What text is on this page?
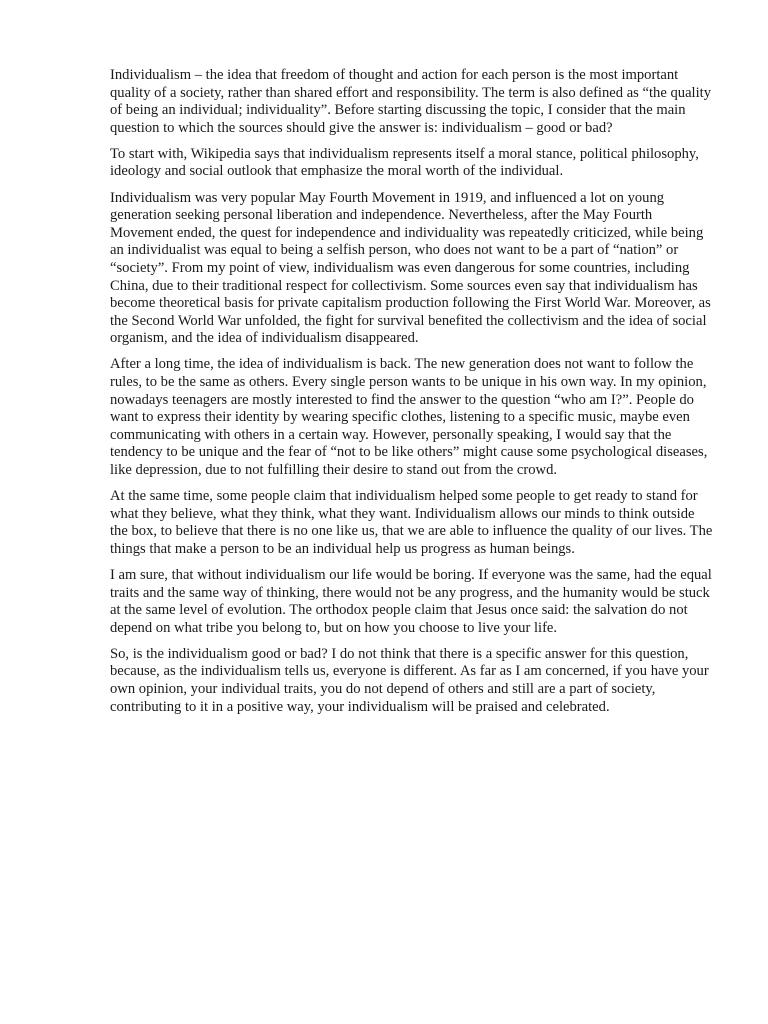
Individualism – the idea that freedom of thought and action for each person is the most important quality of a society, rather than shared effort and responsibility. The term is also defined as “the quality of being an individual; individuality”. Before starting discussing the topic, I consider that the main question to which the sources should give the answer is: individualism – good or bad?

To start with, Wikipedia says that individualism represents itself a moral stance, political philosophy, ideology and social outlook that emphasize the moral worth of the individual.

Individualism was very popular May Fourth Movement in 1919, and influenced a lot on young generation seeking personal liberation and independence. Nevertheless, after the May Fourth Movement ended, the quest for independence and individuality was repeatedly criticized, while being an individualist was equal to being a selfish person, who does not want to be a part of “nation” or “society”. From my point of view, individualism was even dangerous for some countries, including China, due to their traditional respect for collectivism. Some sources even say that individualism has become theoretical basis for private capitalism production following the First World War. Moreover, as the Second World War unfolded, the fight for survival benefited the collectivism and the idea of social organism, and the idea of individualism disappeared.

After a long time, the idea of individualism is back. The new generation does not want to follow the rules, to be the same as others. Every single person wants to be unique in his own way. In my opinion, nowadays teenagers are mostly interested to find the answer to the question “who am I?”. People do want to express their identity by wearing specific clothes, listening to a specific music, maybe even communicating with others in a certain way. However, personally speaking, I would say that the tendency to be unique and the fear of “not to be like others” might cause some psychological diseases, like depression, due to not fulfilling their desire to stand out from the crowd.

At the same time, some people claim that individualism helped some people to get ready to stand for what they believe, what they think, what they want. Individualism allows our minds to think outside the box, to believe that there is no one like us, that we are able to influence the quality of our lives. The things that make a person to be an individual help us progress as human beings.

I am sure, that without individualism our life would be boring. If everyone was the same, had the equal traits and the same way of thinking, there would not be any progress, and the humanity would be stuck at the same level of evolution. The orthodox people claim that Jesus once said: the salvation do not depend on what tribe you belong to, but on how you choose to live your life.

So, is the individualism good or bad? I do not think that there is a specific answer for this question, because, as the individualism tells us, everyone is different. As far as I am concerned, if you have your own opinion, your individual traits, you do not depend of others and still are a part of society, contributing to it in a positive way, your individualism will be praised and celebrated.
